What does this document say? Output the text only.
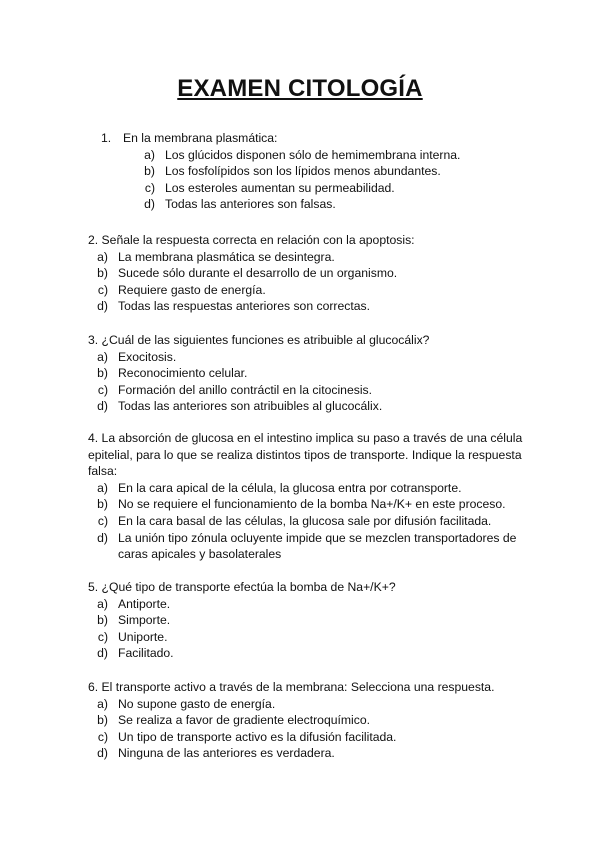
EXAMEN CITOLOGÍA

1. En la membrana plasmática:

a) Los glúcidos disponen sólo de hemimembrana interna.
b) Los fosfolípidos son los lípidos menos abundantes.
c) Los esteroles aumentan su permeabilidad.
d) Todas las anteriores son falsas.

2. Señale la respuesta correcta en relación con la apoptosis:

a) La membrana plasmática se desintegra.
b) Sucede sólo durante el desarrollo de un organismo.
c) Requiere gasto de energía.
d) Todas las respuestas anteriores son correctas.

3. ¿Cuál de las siguientes funciones es atribuible al glucocálix?

a) Exocitosis.
b) Reconocimiento celular.
c) Formación del anillo contráctil en la citocinesis.
d) Todas las anteriores son atribuibles al glucocálix.

4. La absorción de glucosa en el intestino implica su paso a través de una célula epitelial, para lo que se realiza distintos tipos de transporte. Indique la respuesta falsa:

a) En la cara apical de la célula, la glucosa entra por cotransporte.
b) No se requiere el funcionamiento de la bomba Na+/K+ en este proceso.
c) En la cara basal de las células, la glucosa sale por difusión facilitada.
d) La unión tipo zónula ocluyente impide que se mezclen transportadores de caras apicales y basolaterales

5. ¿Qué tipo de transporte efectúa la bomba de Na+/K+?

a) Antiporte.
b) Simporte.
c) Uniporte.
d) Facilitado.

6. El transporte activo a través de la membrana: Selecciona una respuesta.

a) No supone gasto de energía.
b) Se realiza a favor de gradiente electroquímico.
c) Un tipo de transporte activo es la difusión facilitada.
d) Ninguna de las anteriores es verdadera.
